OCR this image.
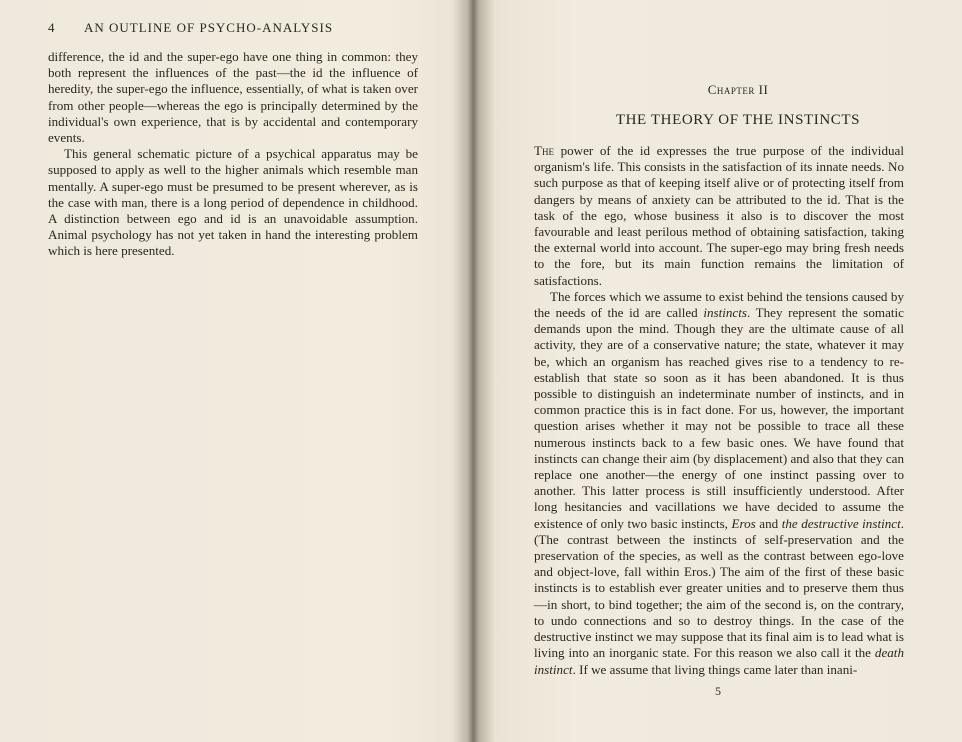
4 AN OUTLINE OF PSYCHO-ANALYSIS

difference, the id and the super-ego have one thing in common: they both represent the influences of the past—the id the influence of heredity, the super-ego the influence, essentially, of what is taken over from other people—whereas the ego is principally determined by the individual's own experience, that is by accidental and contemporary events.

This general schematic picture of a psychical apparatus may be supposed to apply as well to the higher animals which resemble man mentally. A super-ego must be presumed to be present wherever, as is the case with man, there is a long period of dependence in childhood. A distinction between ego and id is an unavoidable assumption. Animal psychology has not yet taken in hand the interesting problem which is here presented.

Chapter II
THE THEORY OF THE INSTINCTS

The power of the id expresses the true purpose of the individual organism's life. This consists in the satisfaction of its innate needs. No such purpose as that of keeping itself alive or of protecting itself from dangers by means of anxiety can be attributed to the id. That is the task of the ego, whose business it also is to discover the most favourable and least perilous method of obtaining satisfaction, taking the external world into account. The super-ego may bring fresh needs to the fore, but its main function remains the limitation of satisfactions.

The forces which we assume to exist behind the tensions caused by the needs of the id are called instincts. They represent the somatic demands upon the mind. Though they are the ultimate cause of all activity, they are of a conservative nature; the state, whatever it may be, which an organism has reached gives rise to a tendency to re-establish that state so soon as it has been abandoned. It is thus possible to distinguish an indeterminate number of instincts, and in common practice this is in fact done. For us, however, the important question arises whether it may not be possible to trace all these numerous instincts back to a few basic ones. We have found that instincts can change their aim (by displacement) and also that they can replace one another—the energy of one instinct passing over to another. This latter process is still insufficiently understood. After long hesitancies and vacillations we have decided to assume the existence of only two basic instincts, Eros and the destructive instinct. (The contrast between the instincts of self-preservation and the preservation of the species, as well as the contrast between ego-love and object-love, fall within Eros.) The aim of the first of these basic instincts is to establish ever greater unities and to preserve them thus—in short, to bind together; the aim of the second is, on the contrary, to undo connections and so to destroy things. In the case of the destructive instinct we may suppose that its final aim is to lead what is living into an inorganic state. For this reason we also call it the death instinct. If we assume that living things came later than inani-

5
